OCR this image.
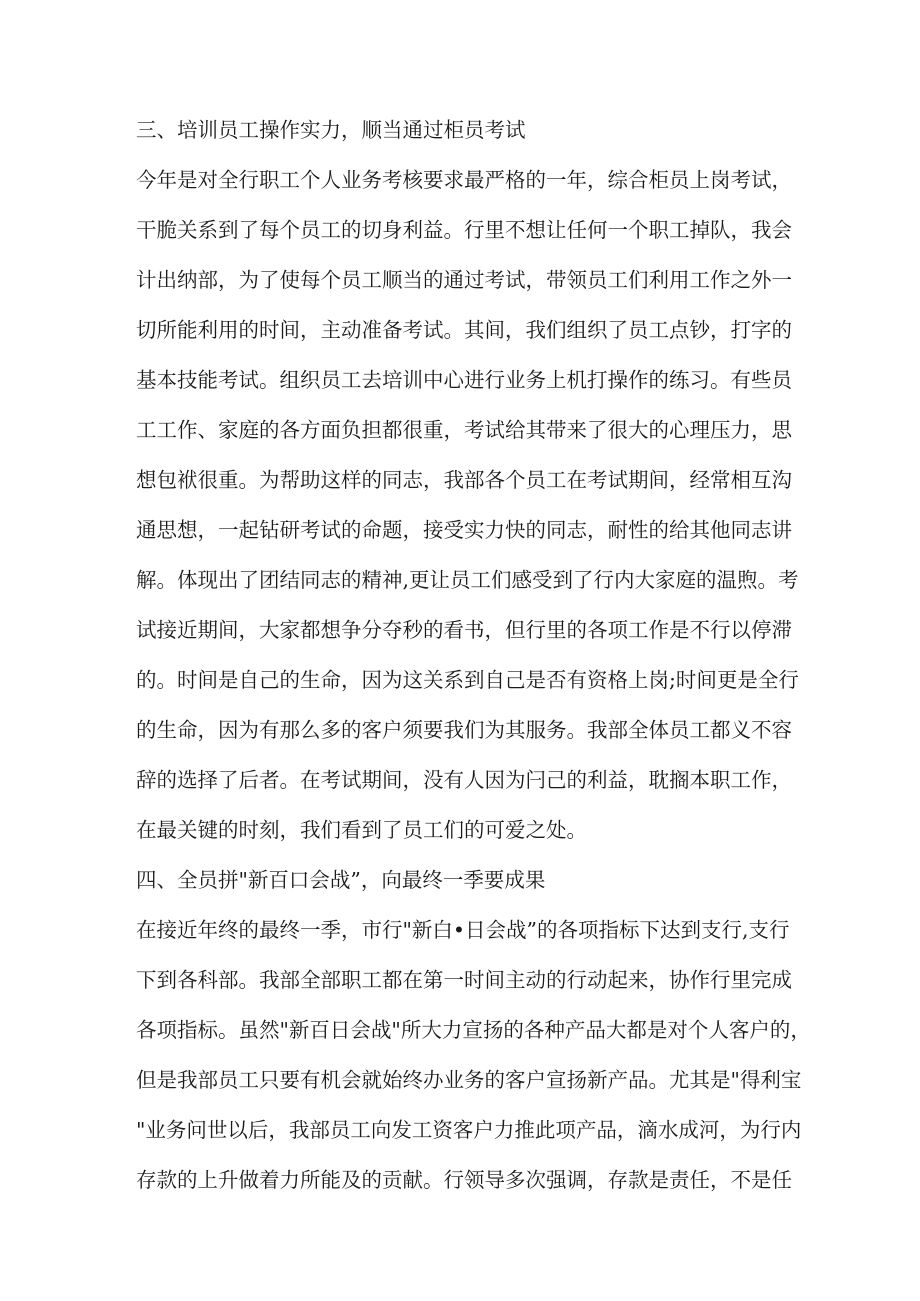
三、培训员工操作实力，顺当通过柜员考试

今年是对全行职工个人业务考核要求最严格的一年，综合柜员上岗考试，

干脆关系到了每个员工的切身利益。行里不想让任何一个职工掉队，我会

计出纳部，为了使每个员工顺当的通过考试，带领员工们利用工作之外一

切所能利用的时间，主动准备考试。其间，我们组织了员工点钞，打字的

基本技能考试。组织员工去培训中心进行业务上机打操作的练习。有些员

工工作、家庭的各方面负担都很重，考试给其带来了很大的心理压力，思

想包袱很重。为帮助这样的同志，我部各个员工在考试期间，经常相互沟

通思想，一起钻研考试的命题，接受实力快的同志，耐性的给其他同志讲

解。体现出了团结同志的精神,更让员工们感受到了行内大家庭的温煦。考

试接近期间，大家都想争分夺秒的看书，但行里的各项工作是不行以停滞

的。时间是自己的生命，因为这关系到自己是否有资格上岗;时间更是全行

的生命，因为有那么多的客户须要我们为其服务。我部全体员工都义不容

辞的选择了后者。在考试期间，没有人因为闩己的利益，耽搁本职工作，

在最关键的时刻，我们看到了员工们的可爱之处。

四、全员拼"新百口会战”，向最终一季要成果

在接近年终的最终一季，市行"新白•日会战”的各项指标下达到支行,支行

下到各科部。我部全部职工都在第一时间主动的行动起来，协作行里完成

各项指标。虽然"新百日会战"所大力宣扬的各种产品大都是对个人客户的，

但是我部员工只要有机会就始终办业务的客户宣扬新产品。尤其是"得利宝

"业务问世以后，我部员工向发工资客户力推此项产品，滴水成河，为行内

存款的上升做着力所能及的贡献。行领导多次强调，存款是责任，不是任
